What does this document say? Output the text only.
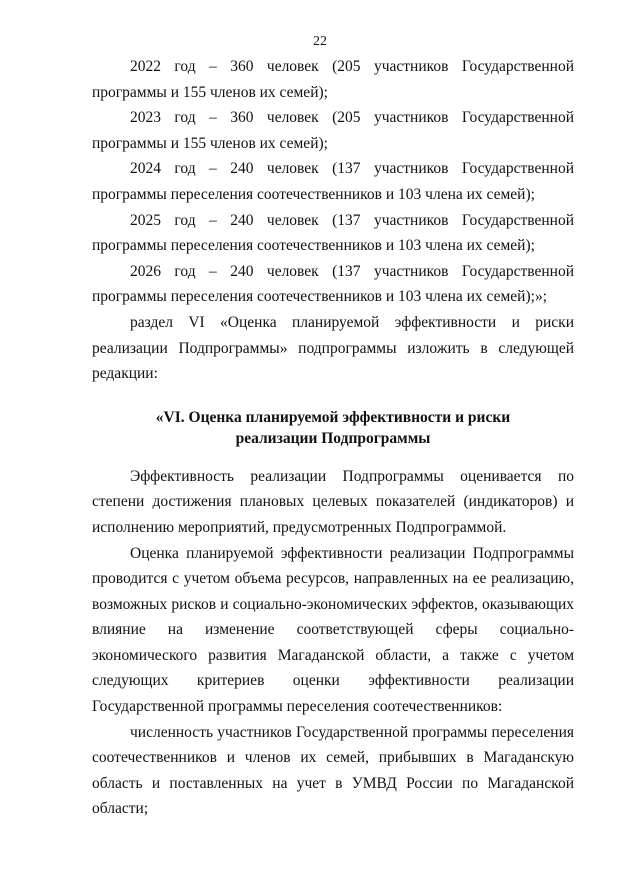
22

2022 год – 360 человек (205 участников Государственной программы и 155 членов их семей);

2023 год – 360 человек (205 участников Государственной программы и 155 членов их семей);

2024 год – 240 человек (137 участников Государственной программы переселения соотечественников и 103 члена их семей);

2025 год – 240 человек (137 участников Государственной программы переселения соотечественников и 103 члена их семей);

2026 год – 240 человек (137 участников Государственной программы переселения соотечественников и 103 члена их семей);»;

раздел VI «Оценка планируемой эффективности и риски реализации Подпрограммы» подпрограммы изложить в следующей редакции:

«VI. Оценка планируемой эффективности и риски
реализации Подпрограммы

Эффективность реализации Подпрограммы оценивается по степени достижения плановых целевых показателей (индикаторов) и исполнению мероприятий, предусмотренных Подпрограммой.

Оценка планируемой эффективности реализации Подпрограммы проводится с учетом объема ресурсов, направленных на ее реализацию, возможных рисков и социально-экономических эффектов, оказывающих влияние на изменение соответствующей сферы социально-экономического развития Магаданской области, а также с учетом следующих критериев оценки эффективности реализации Государственной программы переселения соотечественников:

численность участников Государственной программы переселения соотечественников и членов их семей, прибывших в Магаданскую область и поставленных на учет в УМВД России по Магаданской области;
